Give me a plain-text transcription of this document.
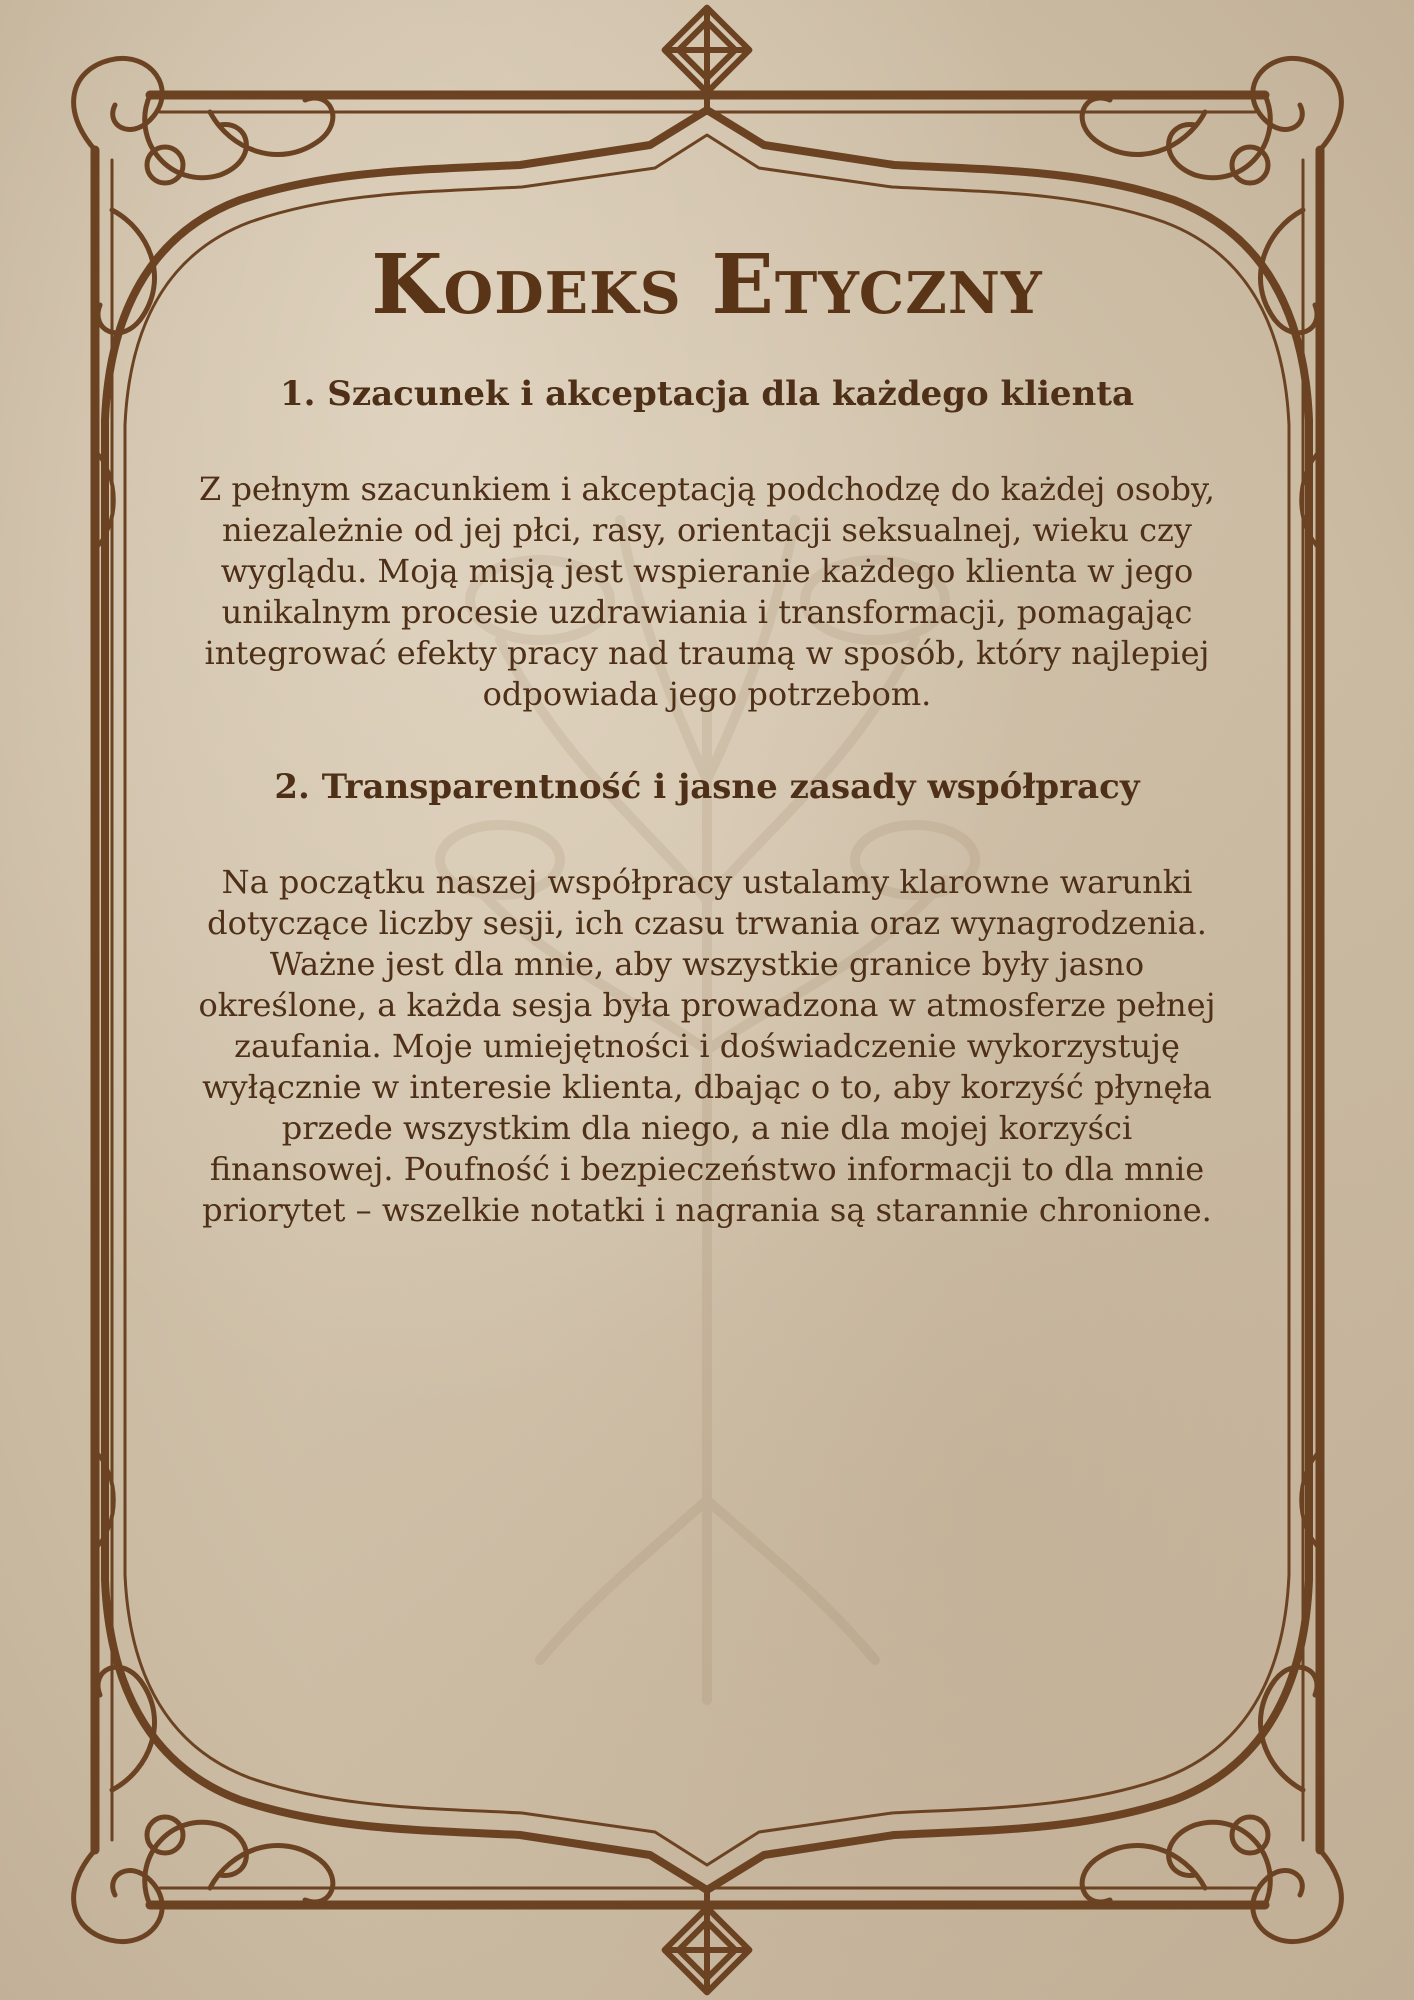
Kodeks Etyczny
1. Szacunek i akceptacja dla każdego klienta

Z pełnym szacunkiem i akceptacją podchodzę do każdej osoby, niezależnie od jej płci, rasy, orientacji seksualnej, wieku czy wyglądu. Moją misją jest wspieranie każdego klienta w jego unikalnym procesie uzdrawiania i transformacji, pomagając integrować efekty pracy nad traumą w sposób, który najlepiej odpowiada jego potrzebom.

2. Transparentność i jasne zasady współpracy

Na początku naszej współpracy ustalamy klarowne warunki dotyczące liczby sesji, ich czasu trwania oraz wynagrodzenia. Ważne jest dla mnie, aby wszystkie granice były jasno określone, a każda sesja była prowadzona w atmosferze pełnej zaufania. Moje umiejętności i doświadczenie wykorzystuję wyłącznie w interesie klienta, dbając o to, aby korzyść płynęła przede wszystkim dla niego, a nie dla mojej korzyści finansowej. Poufność i bezpieczeństwo informacji to dla mnie priorytet – wszelkie notatki i nagrania są starannie chronione.
